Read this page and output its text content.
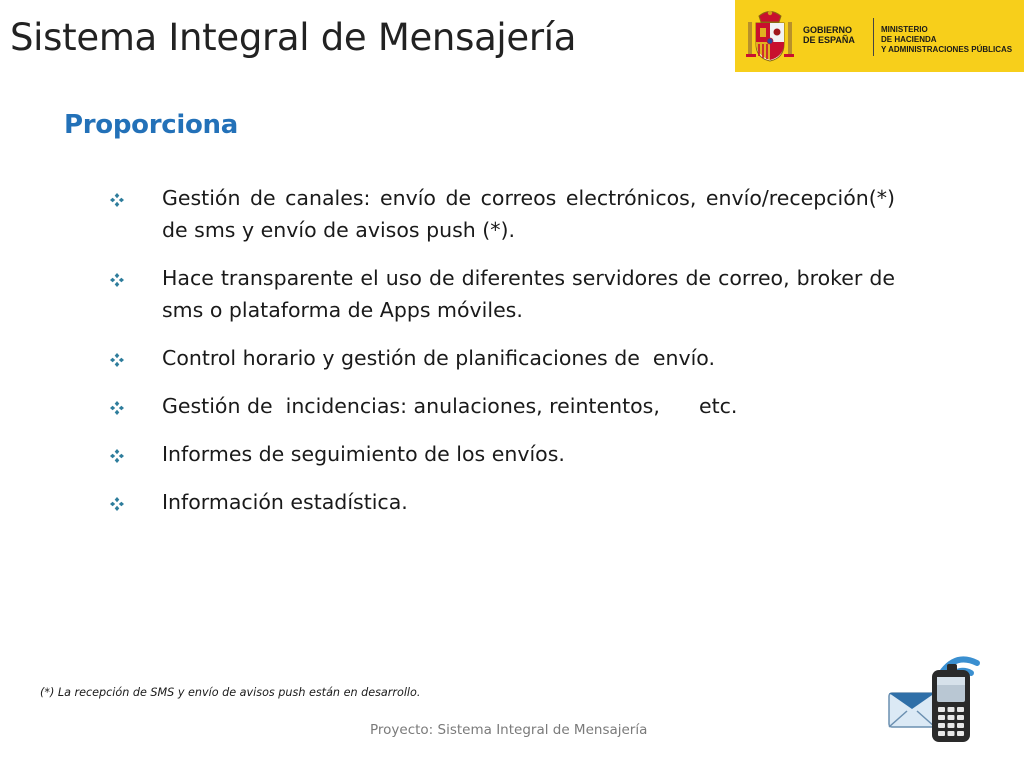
Sistema Integral de Mensajería	GOBIERNO
DE ESPAÑA
MINISTERIO
DE HACIENDA
Y ADMINISTRACIONES PÚBLICAS
Proporciona
Gestión de canales: envío de correos electrónicos, envío/recepción(*) de sms y envío de avisos push (*).
Hace transparente el uso de diferentes servidores de correo, broker de sms o plataforma de Apps móviles.
Control horario y gestión de planificaciones de  envío.
Gestión de  incidencias: anulaciones, reintentos,      etc.
Informes de seguimiento de los envíos.
Información estadística.
(*) La recepción de SMS y envío de avisos push están en desarrollo.
Proyecto: Sistema Integral de Mensajería
